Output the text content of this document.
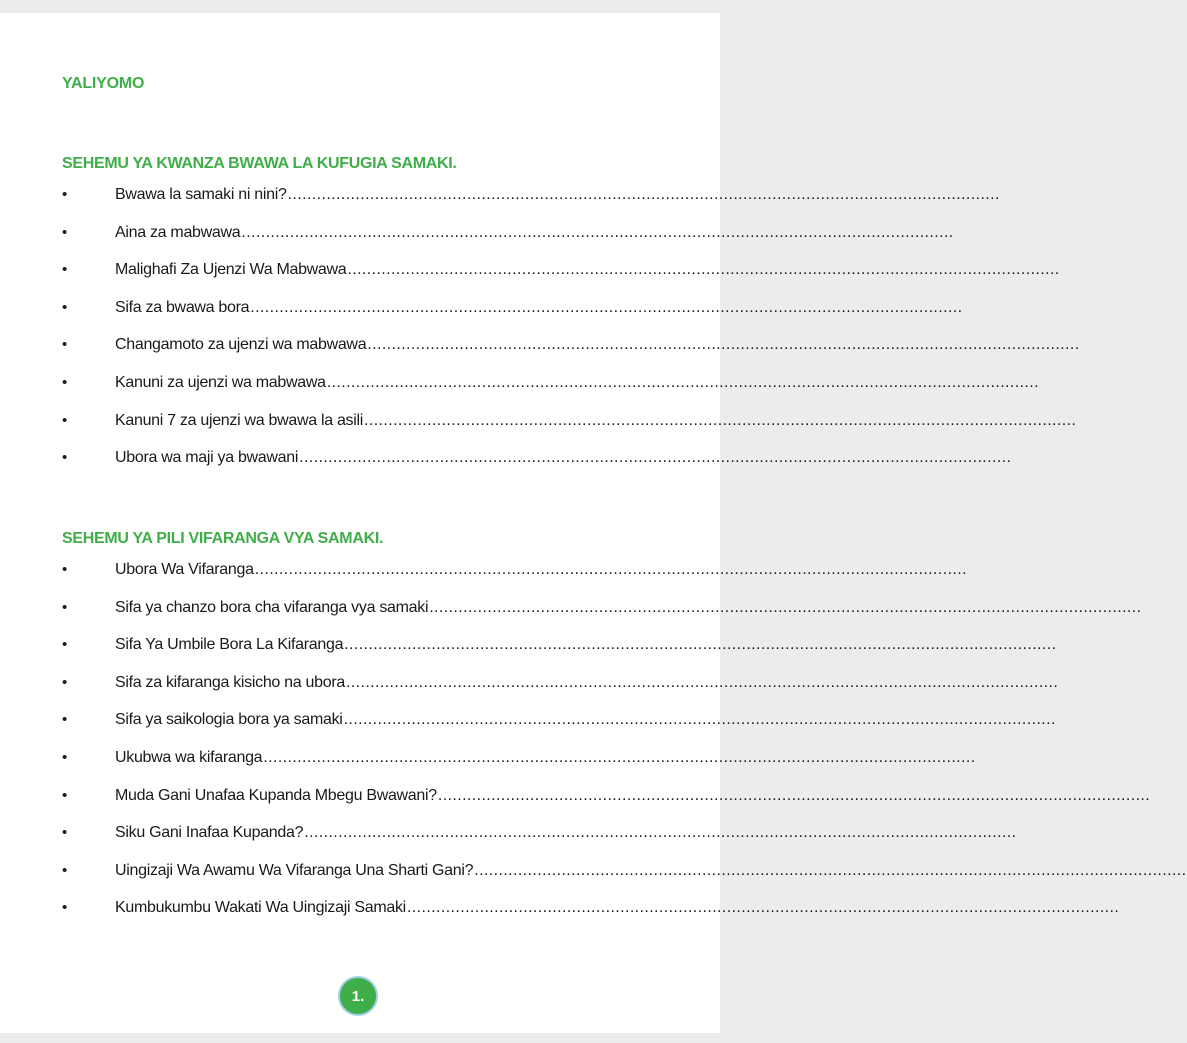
YALIYOMO
SEHEMU YA KWANZA BWAWA LA KUFUGIA SAMAKI.
•	Bwawa la samaki ni nini? ...................................................................................................................................................
•	Aina za mabwawa ...................................................................................................................................................
•	Malighafi Za Ujenzi Wa Mabwawa ...................................................................................................................................................
•	Sifa za bwawa bora ...................................................................................................................................................
•	Changamoto za ujenzi wa mabwawa ...................................................................................................................................................
•	Kanuni za ujenzi wa mabwawa ...................................................................................................................................................
•	Kanuni 7 za ujenzi wa bwawa la asili ...................................................................................................................................................
•	Ubora wa maji ya bwawani ...................................................................................................................................................
SEHEMU YA PILI VIFARANGA VYA SAMAKI.
•	Ubora Wa Vifaranga ...................................................................................................................................................
•	Sifa ya chanzo bora cha vifaranga vya samaki ...................................................................................................................................................
•	Sifa Ya Umbile Bora La Kifaranga ...................................................................................................................................................
•	Sifa za kifaranga kisicho na ubora ...................................................................................................................................................
•	Sifa ya saikologia bora ya samaki ...................................................................................................................................................
•	Ukubwa wa kifaranga ...................................................................................................................................................
•	Muda Gani Unafaa Kupanda Mbegu Bwawani? ...................................................................................................................................................
•	Siku Gani Inafaa Kupanda? ...................................................................................................................................................
•	Uingizaji Wa Awamu Wa Vifaranga Una Sharti Gani? ...................................................................................................................................................
•	Kumbukumbu Wakati Wa Uingizaji Samaki ...................................................................................................................................................
1.
